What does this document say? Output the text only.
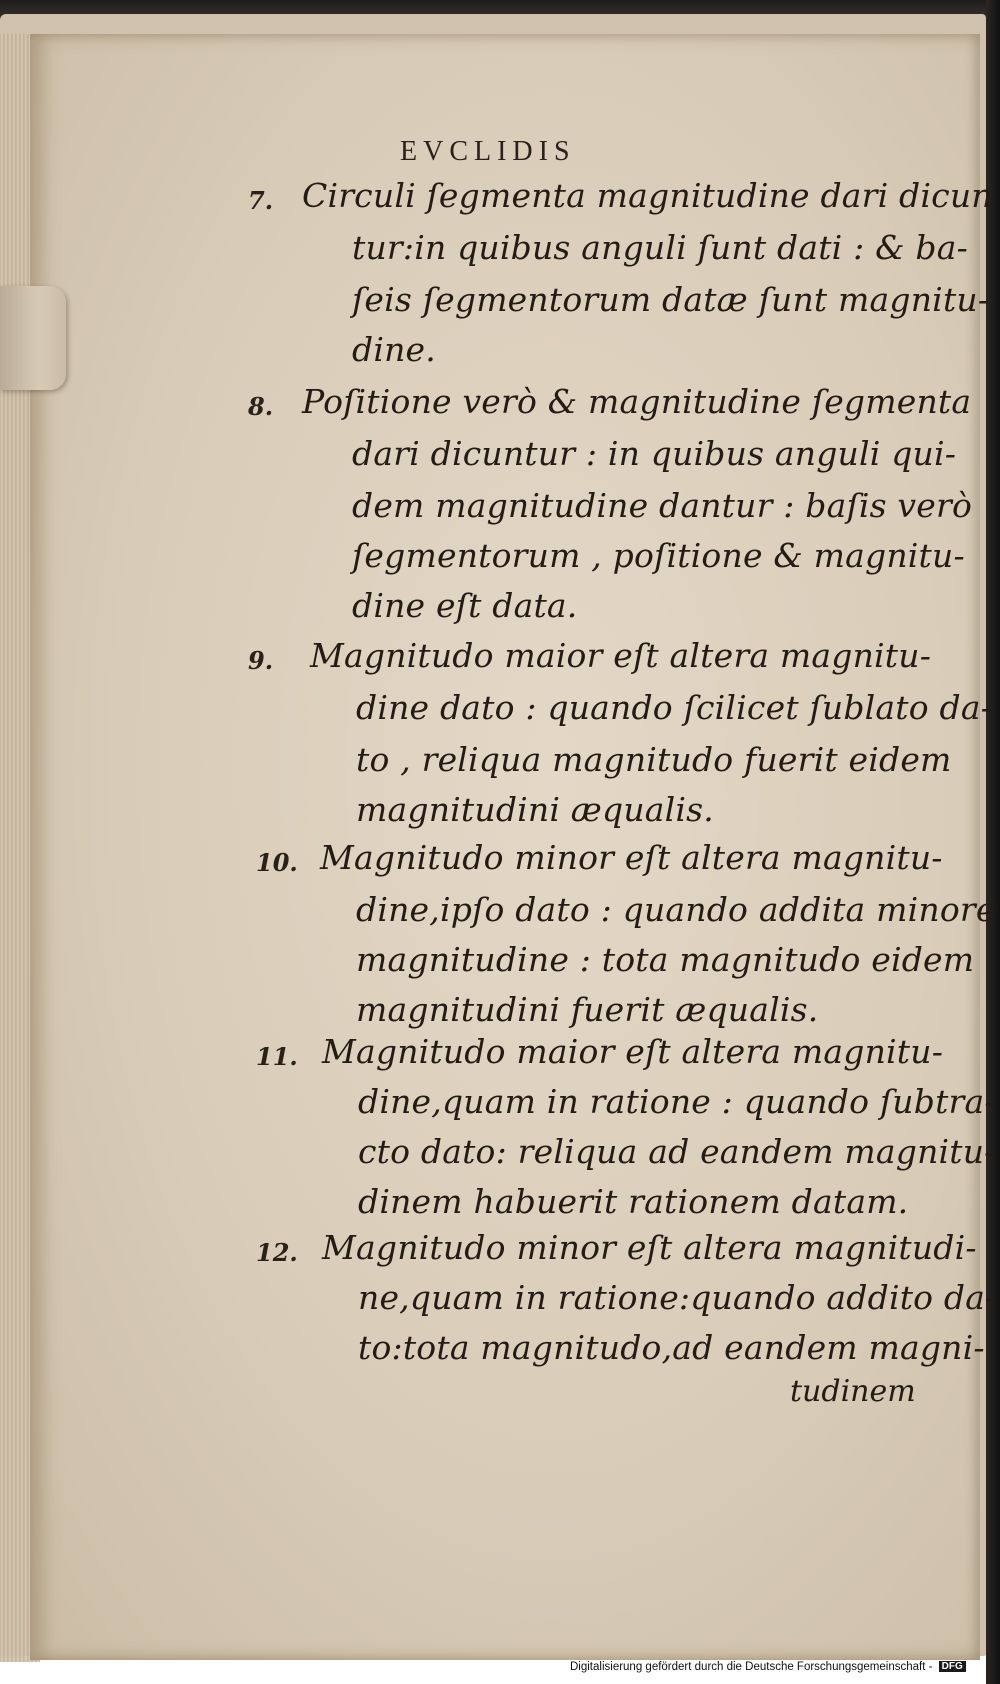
EVCLIDIS
7. Circuli ſegmenta magnitudine dari dicun
tur:in quibus anguli ſunt dati : & ba-
ſeis ſegmentorum datæ ſunt magnitu-
dine.
8. Poſitione verò & magnitudine ſegmenta
dari dicuntur : in quibus anguli qui-
dem magnitudine dantur : baſis verò
ſegmentorum , poſitione & magnitu-
dine eſt data.
9. Magnitudo maior eſt altera magnitu-
dine dato : quando ſcilicet ſublato da-
to , reliqua magnitudo fuerit eidem
magnitudini æqualis.
10. Magnitudo minor eſt altera magnitu-
dine,ipſo dato : quando addita minore
magnitudine : tota magnitudo eidem
magnitudini fuerit æqualis.
11. Magnitudo maior eſt altera magnitu-
dine,quam in ratione : quando ſubtra-
cto dato: reliqua ad eandem magnitu-
dinem habuerit rationem datam.
12. Magnitudo minor eſt altera magnitudi-
ne,quam in ratione:quando addito da-
to:tota magnitudo,ad eandem magni-
tudinem
Digitalisierung gefördert durch die Deutsche Forschungsgemeinschaft - DFG
